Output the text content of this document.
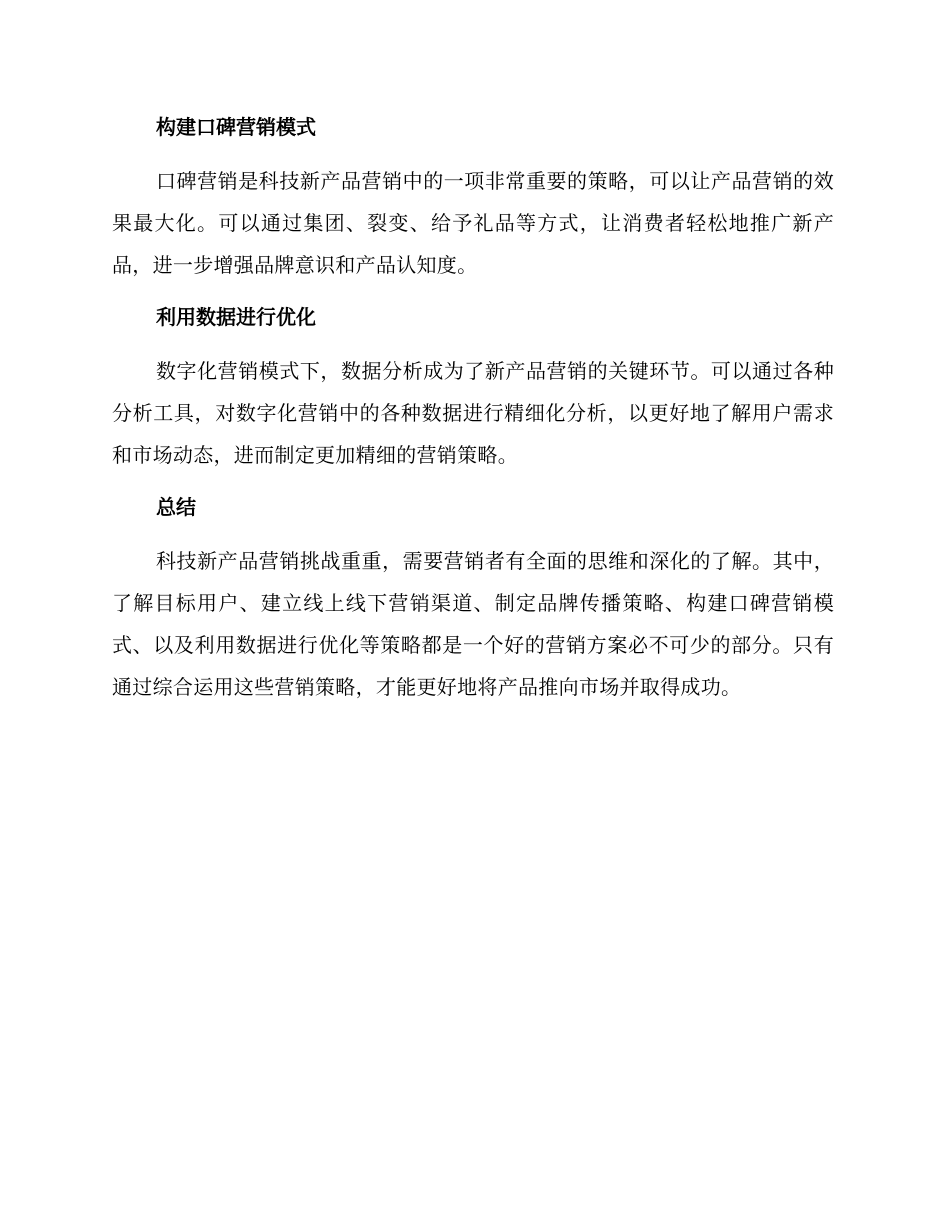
构建口碑营销模式

口碑营销是科技新产品营销中的一项非常重要的策略，可以让产品营销的效果最大化。可以通过集团、裂变、给予礼品等方式，让消费者轻松地推广新产品，进一步增强品牌意识和产品认知度。

利用数据进行优化

数字化营销模式下，数据分析成为了新产品营销的关键环节。可以通过各种分析工具，对数字化营销中的各种数据进行精细化分析，以更好地了解用户需求和市场动态，进而制定更加精细的营销策略。

总结

科技新产品营销挑战重重，需要营销者有全面的思维和深化的了解。其中，了解目标用户、建立线上线下营销渠道、制定品牌传播策略、构建口碑营销模式、以及利用数据进行优化等策略都是一个好的营销方案必不可少的部分。只有通过综合运用这些营销策略，才能更好地将产品推向市场并取得成功。
